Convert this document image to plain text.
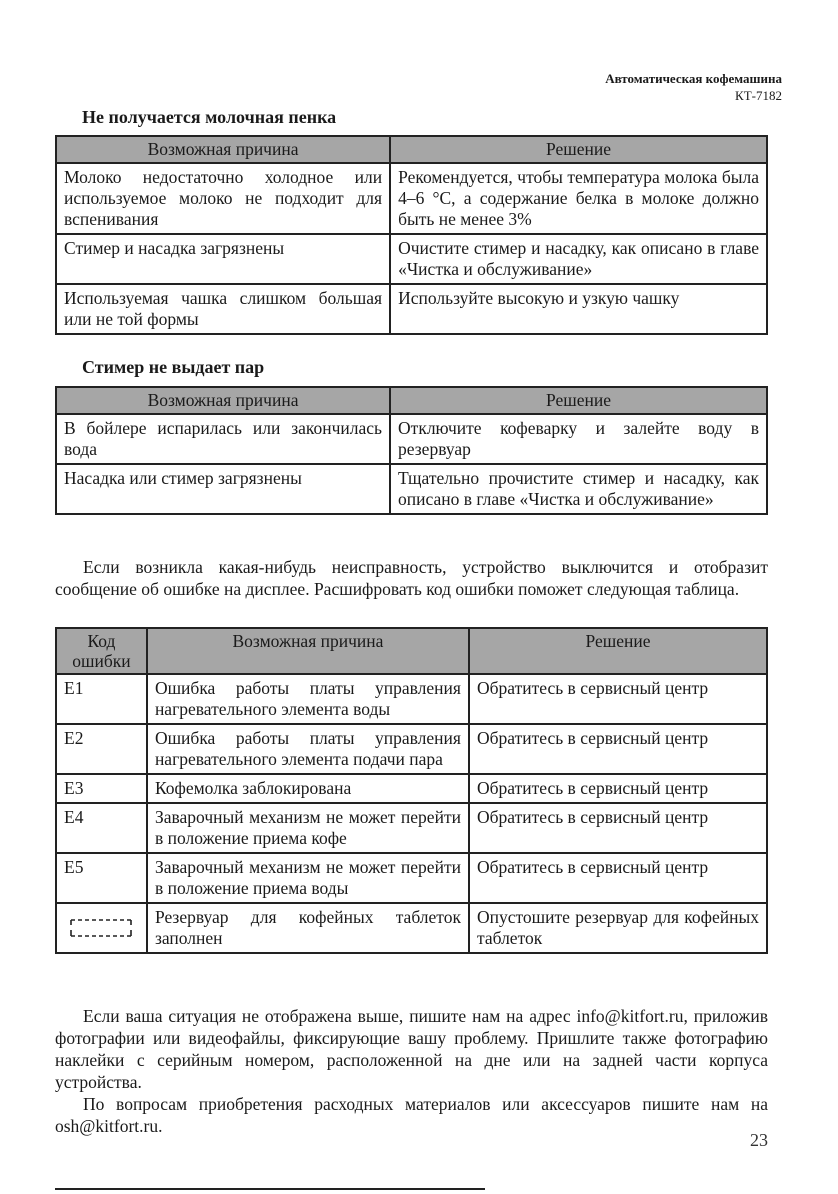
Автоматическая кофемашина
КТ-7182
Не получается молочная пенка
Возможная причина	Решение
Молоко недостаточно холодное или используемое молоко не подходит для вспенивания	Рекомендуется, чтобы температура молока была 4–6 °С, а содержание белка в молоке должно быть не менее 3%
Стимер и насадка загрязнены	Очистите стимер и насадку, как описано в главе «Чистка и обслуживание»
Используемая чашка слишком большая или не той формы	Используйте высокую и узкую чашку
Стимер не выдает пар
Возможная причина	Решение
В бойлере испарилась или закончилась вода	Отключите кофеварку и залейте воду в резервуар
Насадка или стимер загрязнены	Тщательно прочистите стимер и насадку, как описано в главе «Чистка и обслуживание»
Если возникла какая-нибудь неисправность, устройство выключится и отобразит сообщение об ошибке на дисплее. Расшифровать код ошибки поможет следующая таблица.
Код ошибки	Возможная причина	Решение
E1	Ошибка работы платы управления нагревательного элемента воды	Обратитесь в сервисный центр
E2	Ошибка работы платы управления нагревательного элемента подачи пара	Обратитесь в сервисный центр
E3	Кофемолка заблокирована	Обратитесь в сервисный центр
E4	Заварочный механизм не может перейти в положение приема кофе	Обратитесь в сервисный центр
E5	Заварочный механизм не может перейти в положение приема воды	Обратитесь в сервисный центр
	Резервуар для кофейных таблеток заполнен	Опустошите резервуар для кофейных таблеток
Если ваша ситуация не отображена выше, пишите нам на адрес info@kitfort.ru, приложив фотографии или видеофайлы, фиксирующие вашу проблему. Пришлите также фотографию наклейки с серийным номером, расположенной на дне или на задней части корпуса устройства.
По вопросам приобретения расходных материалов или аксессуаров пишите нам на osh@kitfort.ru.
23
